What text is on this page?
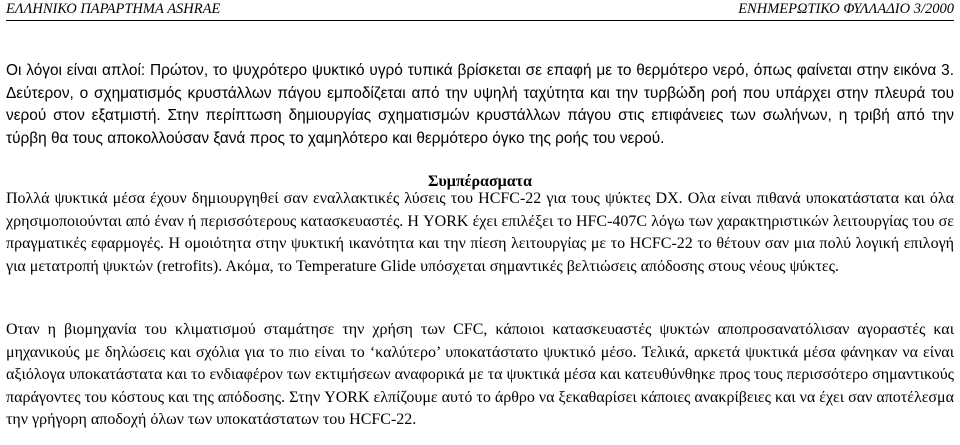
ΕΛΛΗΝΙΚΟ ΠΑΡΑΡΤΗΜΑ ASHRAE	ΕΝΗΜΕΡΩΤΙΚΟ ΦΥΛΛΑΔΙΟ 3/2000

Οι λόγοι είναι απλοί: Πρώτον, το ψυχρότερο ψυκτικό υγρό τυπικά βρίσκεται σε επαφή με το θερμότερο νερό, όπως φαίνεται στην εικόνα 3. Δεύτερον, ο σχηματισμός κρυστάλλων πάγου εμποδίζεται από την υψηλή ταχύτητα και την τυρβώδη ροή που υπάρχει στην πλευρά του νερού στον εξατμιστή. Στην περίπτωση δημιουργίας σχηματισμών κρυστάλλων πάγου στις επιφάνειες των σωλήνων, η τριβή από την τύρβη θα τους αποκολλούσαν ξανά προς το χαμηλότερο και θερμότερο όγκο της ροής του νερού.

Συμπέρασματα

Πολλά ψυκτικά μέσα έχουν δημιουργηθεί σαν εναλλακτικές λύσεις του HCFC-22 για τους ψύκτες DX. Ολα είναι πιθανά υποκατάστατα και όλα χρησιμοποιούνται από έναν ή περισσότερους κατασκευαστές. Η YORK έχει επιλέξει το HFC-407C λόγω των χαρακτηριστικών λειτουργίας του σε πραγματικές εφαρμογές. Η ομοιότητα στην ψυκτική ικανότητα και την πίεση λειτουργίας με το HCFC-22 το θέτουν σαν μια πολύ λογική επιλογή για μετατροπή ψυκτών (retrofits). Ακόμα, το Temperature Glide υπόσχεται σημαντικές βελτιώσεις απόδοσης στους νέους ψύκτες.

Οταν η βιομηχανία του κλιματισμού σταμάτησε την χρήση των CFC, κάποιοι κατασκευαστές ψυκτών αποπροσανατόλισαν αγοραστές και μηχανικούς με δηλώσεις και σχόλια για το πιο είναι το ‘καλύτερο’ υποκατάστατο ψυκτικό μέσο. Τελικά, αρκετά ψυκτικά μέσα φάνηκαν να είναι αξιόλογα υποκατάστατα και το ενδιαφέρον των εκτιμήσεων αναφορικά με τα ψυκτικά μέσα και κατευθύνθηκε προς τους περισσότερο σημαντικούς παράγοντες του κόστους και της απόδοσης. Στην YORK ελπίζουμε αυτό το άρθρο να ξεκαθαρίσει κάποιες ανακρίβειες και να έχει σαν αποτέλεσμα την γρήγορη αποδοχή όλων των υποκατάστατων του HCFC-22.
